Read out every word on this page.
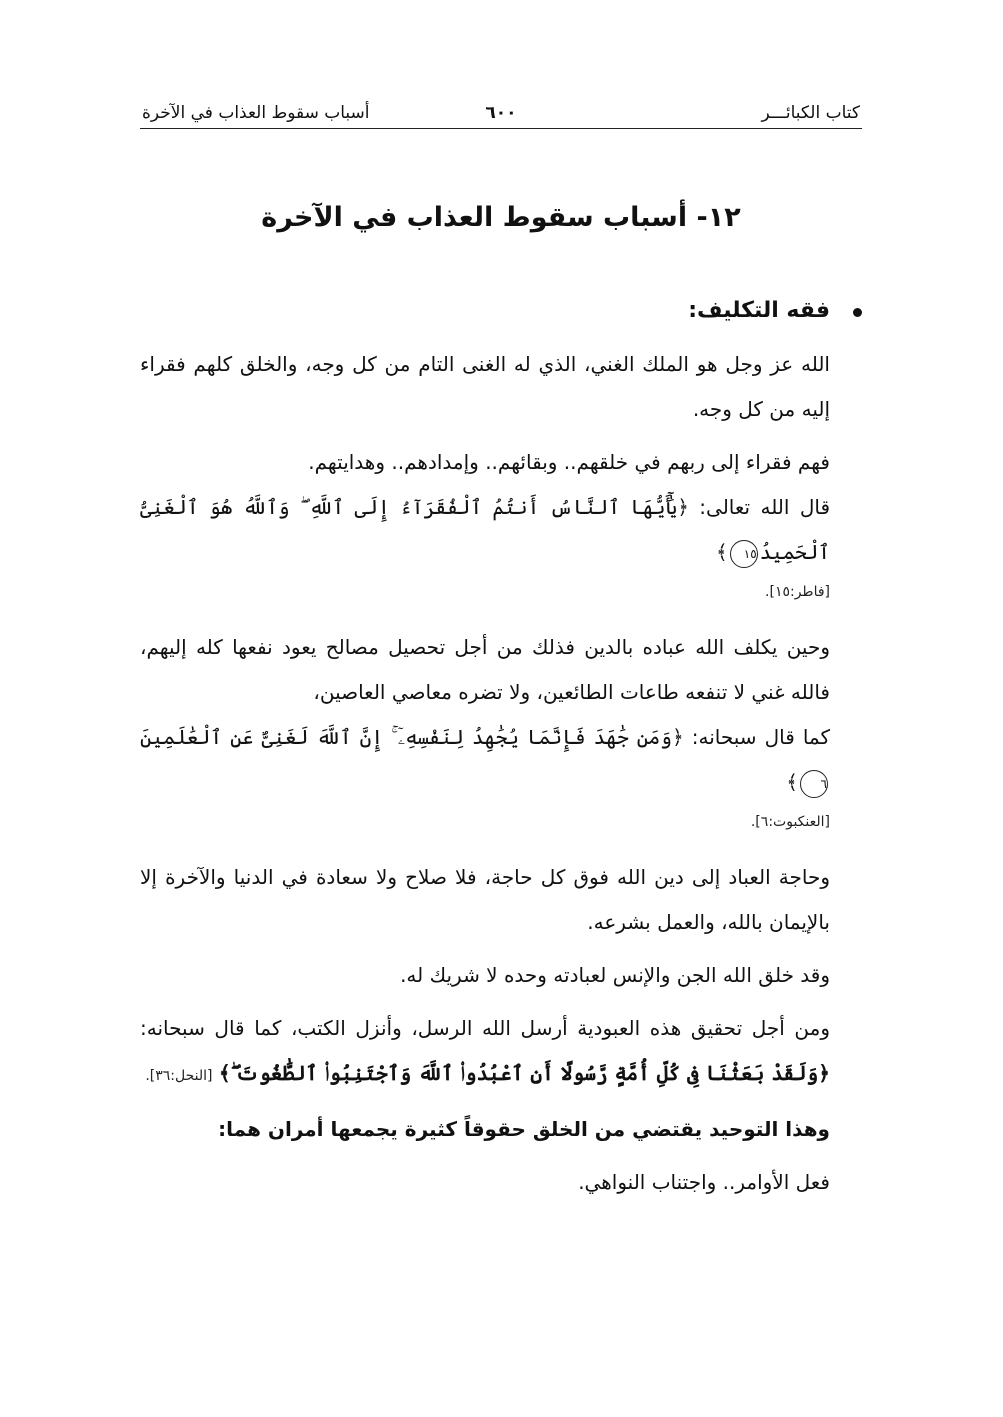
كتاب الكبائـــر
٦٠٠
أسباب سقوط العذاب في الآخرة
١٢- أسباب سقوط العذاب في الآخرة
فقه التكليف:

الله عز وجل هو الملك الغني، الذي له الغنى التام من كل وجه، والخلق كلهم فقراء إليه من كل وجه.

فهم فقراء إلى ربهم في خلقهم.. وبقائهم.. وإمدادهم.. وهدايتهم.

قال الله تعالى: ﴿يَٰٓأَيُّهَا ٱلنَّاسُ أَنتُمُ ٱلْفُقَرَآءُ إِلَى ٱللَّهِ ۖ وَٱللَّهُ هُوَ ٱلْغَنِىُّ ٱلْحَمِيدُ١٥﴾

[فاطر:١٥].

وحين يكلف الله عباده بالدين فذلك من أجل تحصيل مصالح يعود نفعها كله إليهم، فالله غني لا تنفعه طاعات الطائعين، ولا تضره معاصي العاصين،

كما قال سبحانه: ﴿وَمَن جَٰهَدَ فَإِنَّمَا يُجَٰهِدُ لِنَفْسِهِۦٓ ۚ إِنَّ ٱللَّهَ لَغَنِىٌّ عَنِ ٱلْعَٰلَمِينَ٦﴾

[العنكبوت:٦].

وحاجة العباد إلى دين الله فوق كل حاجة، فلا صلاح ولا سعادة في الدنيا والآخرة إلا بالإيمان بالله، والعمل بشرعه.

وقد خلق الله الجن والإنس لعبادته وحده لا شريك له.

ومن أجل تحقيق هذه العبودية أرسل الله الرسل، وأنزل الكتب، كما قال سبحانه: ﴿وَلَقَدْ بَعَثْنَا فِى كُلِّ أُمَّةٍ رَّسُولًا أَنِ ٱعْبُدُوا۟ ٱللَّهَ وَٱجْتَنِبُوا۟ ٱلطَّٰغُوتَ ۖ﴾ [النحل:٣٦].

وهذا التوحيد يقتضي من الخلق حقوقاً كثيرة يجمعها أمران هما:

فعل الأوامر.. واجتناب النواهي.
